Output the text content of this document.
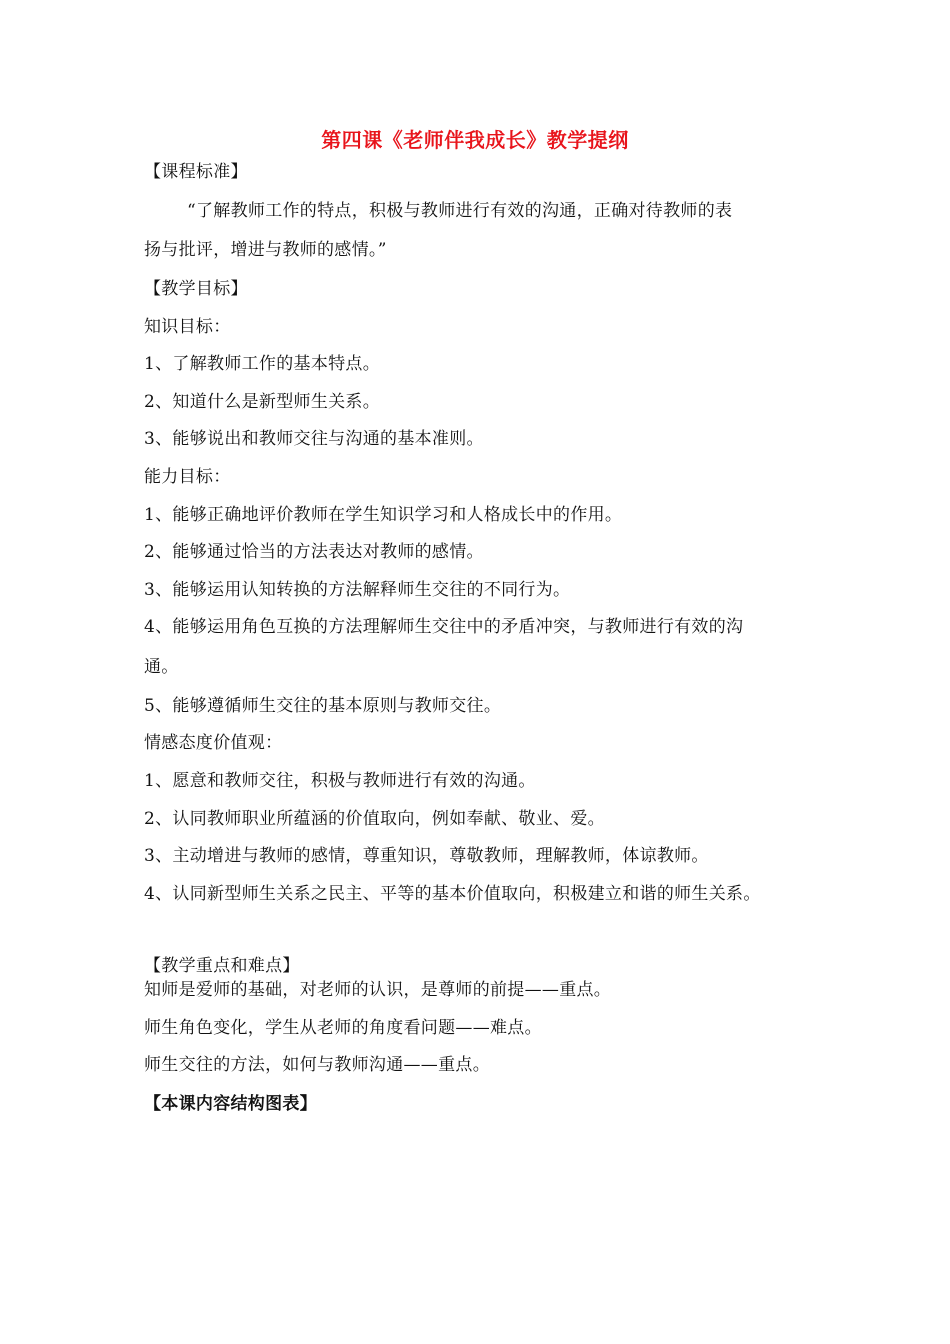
第四课《老师伴我成长》教学提纲
【课程标准】
“了解教师工作的特点，积极与教师进行有效的沟通，正确对待教师的表
扬与批评，增进与教师的感情。”
【教学目标】
知识目标：
1、了解教师工作的基本特点。
2、知道什么是新型师生关系。
3、能够说出和教师交往与沟通的基本准则。
能力目标：
1、能够正确地评价教师在学生知识学习和人格成长中的作用。
2、能够通过恰当的方法表达对教师的感情。
3、能够运用认知转换的方法解释师生交往的不同行为。
4、能够运用角色互换的方法理解师生交往中的矛盾冲突，与教师进行有效的沟
通。
5、能够遵循师生交往的基本原则与教师交往。
情感态度价值观：
1、愿意和教师交往，积极与教师进行有效的沟通。
2、认同教师职业所蕴涵的价值取向，例如奉献、敬业、爱。
3、主动增进与教师的感情，尊重知识，尊敬教师，理解教师，体谅教师。
4、认同新型师生关系之民主、平等的基本价值取向，积极建立和谐的师生关系。
【教学重点和难点】
知师是爱师的基础，对老师的认识，是尊师的前提——重点。
师生角色变化，学生从老师的角度看问题——难点。
师生交往的方法，如何与教师沟通——重点。
【本课内容结构图表】
